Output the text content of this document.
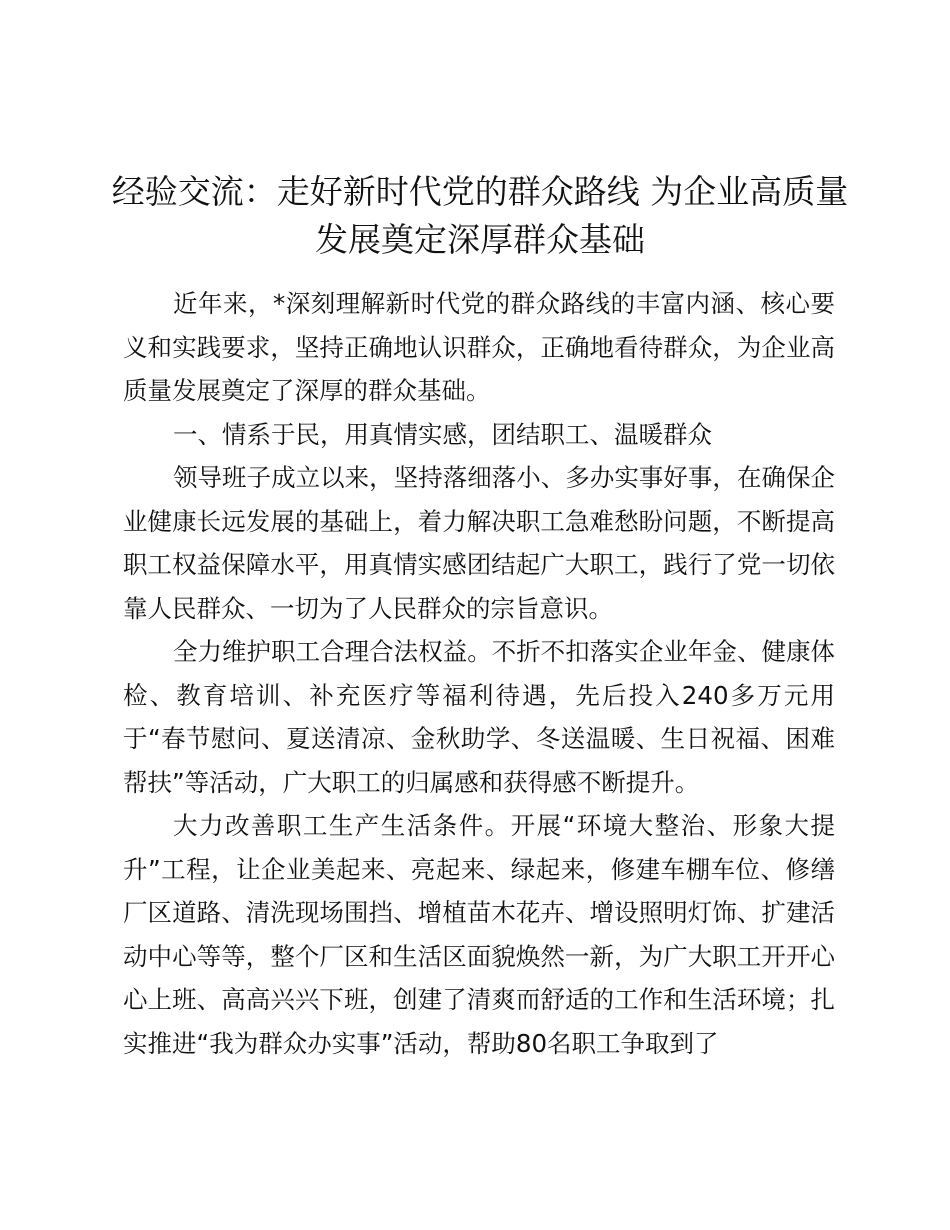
经验交流：走好新时代党的群众路线 为企业高质量发展奠定深厚群众基础

近年来，*深刻理解新时代党的群众路线的丰富内涵、核心要义和实践要求，坚持正确地认识群众，正确地看待群众，为企业高质量发展奠定了深厚的群众基础。

一、情系于民，用真情实感，团结职工、温暖群众

领导班子成立以来，坚持落细落小、多办实事好事，在确保企业健康长远发展的基础上，着力解决职工急难愁盼问题，不断提高职工权益保障水平，用真情实感团结起广大职工，践行了党一切依靠人民群众、一切为了人民群众的宗旨意识。

全力维护职工合理合法权益。不折不扣落实企业年金、健康体检、教育培训、补充医疗等福利待遇，先后投入240多万元用于“春节慰问、夏送清凉、金秋助学、冬送温暖、生日祝福、困难帮扶”等活动，广大职工的归属感和获得感不断提升。

大力改善职工生产生活条件。开展“环境大整治、形象大提升”工程，让企业美起来、亮起来、绿起来，修建车棚车位、修缮厂区道路、清洗现场围挡、增植苗木花卉、增设照明灯饰、扩建活动中心等等，整个厂区和生活区面貌焕然一新，为广大职工开开心心上班、高高兴兴下班，创建了清爽而舒适的工作和生活环境；扎实推进“我为群众办实事”活动，帮助80名职工争取到了
